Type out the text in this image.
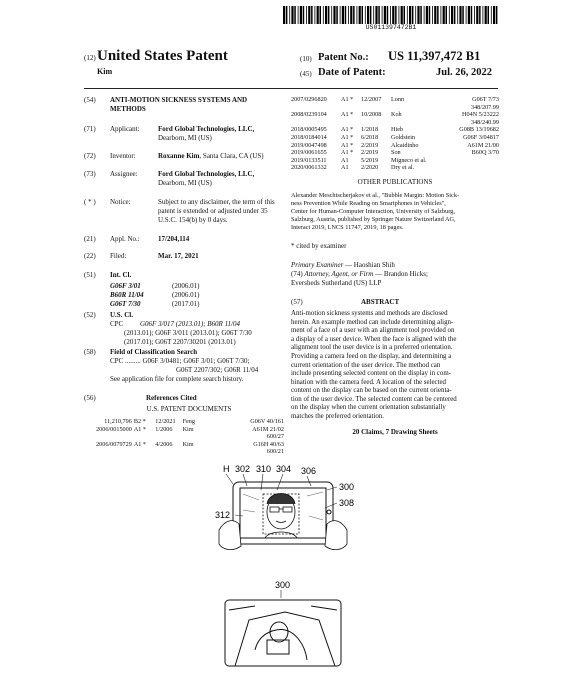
US011397472B1
(12) United States Patent
Kim
(10) Patent No.: US 11,397,472 B1
(45) Date of Patent:	Jul. 26, 2022
(54)	ANTI-MOTION SICKNESS SYSTEMS AND METHODS
(71)	Applicant:	Ford Global Technologies, LLC,
Dearborn, MI (US)
(72)	Inventor:	Roxanne Kim, Santa Clara, CA (US)
(73)	Assignee:	Ford Global Technologies, LLC,
Dearborn, MI (US)
( * )	Notice:	Subject to any disclaimer, the term of this
patent is extended or adjusted under 35
U.S.C. 154(b) by 0 days.
(21)	Appl. No.:	17/204,114
(22)	Filed:	Mar. 17, 2021
(51)	Int. Cl.
G06F 3/01	(2006.01)
B60R 11/04	(2006.01)
G06T 7/30	(2017.01)
(52)	U.S. Cl.
CPC	G06F 3/017 (2013.01); B60R 11/04
(2013.01); G06F 3/011 (2013.01); G06T 7/30
(2017.01); G06T 2207/30201 (2013.01)
(58)	Field of Classification Search
CPC ......... G06F 3/0481; G06F 3/01; G06T 7/30;
G06T 2207/302; G06R 11/04
See application file for complete search history.
(56)	References Cited
U.S. PATENT DOCUMENTS
11,210,796 B2 *	12/2021	Feng	G06V 40/161
2006/0015000 A1 *	1/2006	Kim	A61M 21/02
600/27
2006/0079729 A1 *	4/2006	Kim	G16H 40/63
600/21
2007/0296820	A1 *	12/2007	Lonn	G06T 7/73
348/207.99
2008/0239104	A1 *	10/2008	Koh	H04N 5/23222
348/240.99
2018/0005495	A1 *	1/2018	Hieb	G08B 13/19682
2018/0184014	A1 *	6/2018	Goldstein	G06F 3/04817
2019/0047498	A1 *	2/2019	Alcaidinho	A61M 21/00
2019/0061655	A1 *	2/2019	Son	B60Q 3/70
2019/0133511	A1	5/2019	Migneco et al.
2020/0061332	A1	2/2020	Dry et al.
OTHER PUBLICATIONS
Alexander Meschtscherjakov et al., "Bubble Margin: Motion Sick-
ness Prevention While Reading on Smartphones in Vehicles",
Center for Human-Computer Interaction, University of Salzburg,
Salzburg, Austria, published by Springer Nature Switzerland AG,
Interact 2019, LNCS 11747, 2019, 18 pages.
* cited by examiner
Primary Examiner — Haoshian Shih
(74) Attorney, Agent, or Firm — Brandon Hicks;
Eversheds Sutherland (US) LLP
(57)	ABSTRACT
Anti-motion sickness systems and methods are disclosed
herein. An example method can include determining align-
ment of a face of a user with an alignment tool provided on
a display of a user device. When the face is aligned with the
alignment tool the user device is in a preferred orientation.
Providing a camera feed on the display, and determining a
current orientation of the user device. The method can
include presenting selected content on the display in com-
bination with the camera feed. A location of the selected
content on the display can be based on the current orienta-
tion of the user device. The selected content can be centered
on the display when the current orientation substantially
matches the preferred orientation.
20 Claims, 7 Drawing Sheets
H 302 310 304 306
300
308
312
300
